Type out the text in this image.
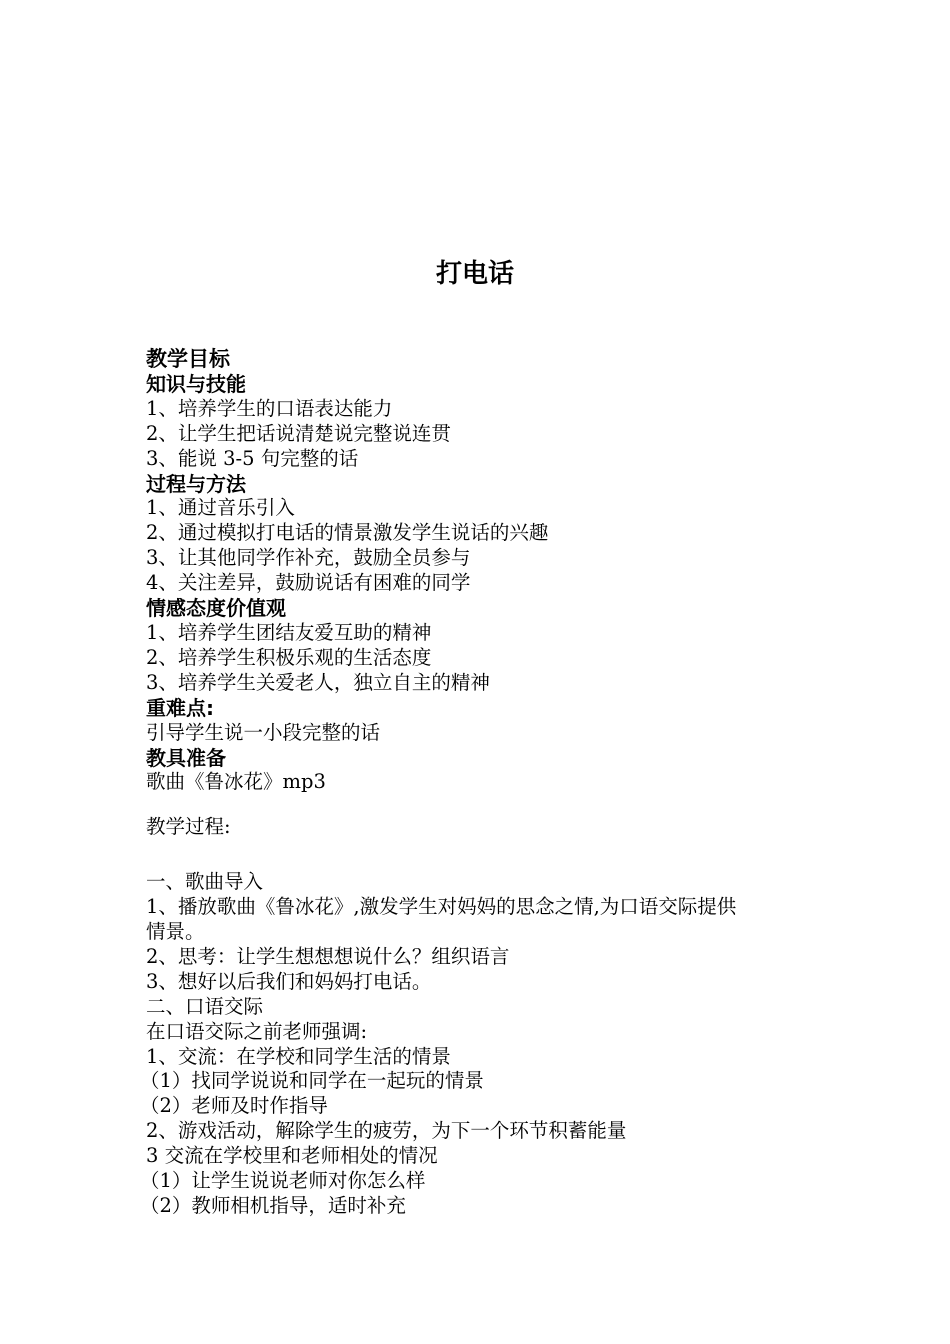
打电话
教学目标
知识与技能
1、培养学生的口语表达能力
2、让学生把话说清楚说完整说连贯
3、能说 3-5 句完整的话
过程与方法
1、通过音乐引入
2、通过模拟打电话的情景激发学生说话的兴趣
3、让其他同学作补充，鼓励全员参与
4、关注差异，鼓励说话有困难的同学
情感态度价值观
1、培养学生团结友爱互助的精神
2、培养学生积极乐观的生活态度
3、培养学生关爱老人，独立自主的精神
重难点:
引导学生说一小段完整的话
教具准备
歌曲《鲁冰花》mp3
教学过程:
一、歌曲导入
1、播放歌曲《鲁冰花》,激发学生对妈妈的思念之情,为口语交际提供
情景。
2、思考：让学生想想想说什么？组织语言
3、想好以后我们和妈妈打电话。
二、口语交际
在口语交际之前老师强调:
1、交流：在学校和同学生活的情景
（1）找同学说说和同学在一起玩的情景
（2）老师及时作指导
2、游戏活动，解除学生的疲劳，为下一个环节积蓄能量
3 交流在学校里和老师相处的情况
（1）让学生说说老师对你怎么样
（2）教师相机指导，适时补充
